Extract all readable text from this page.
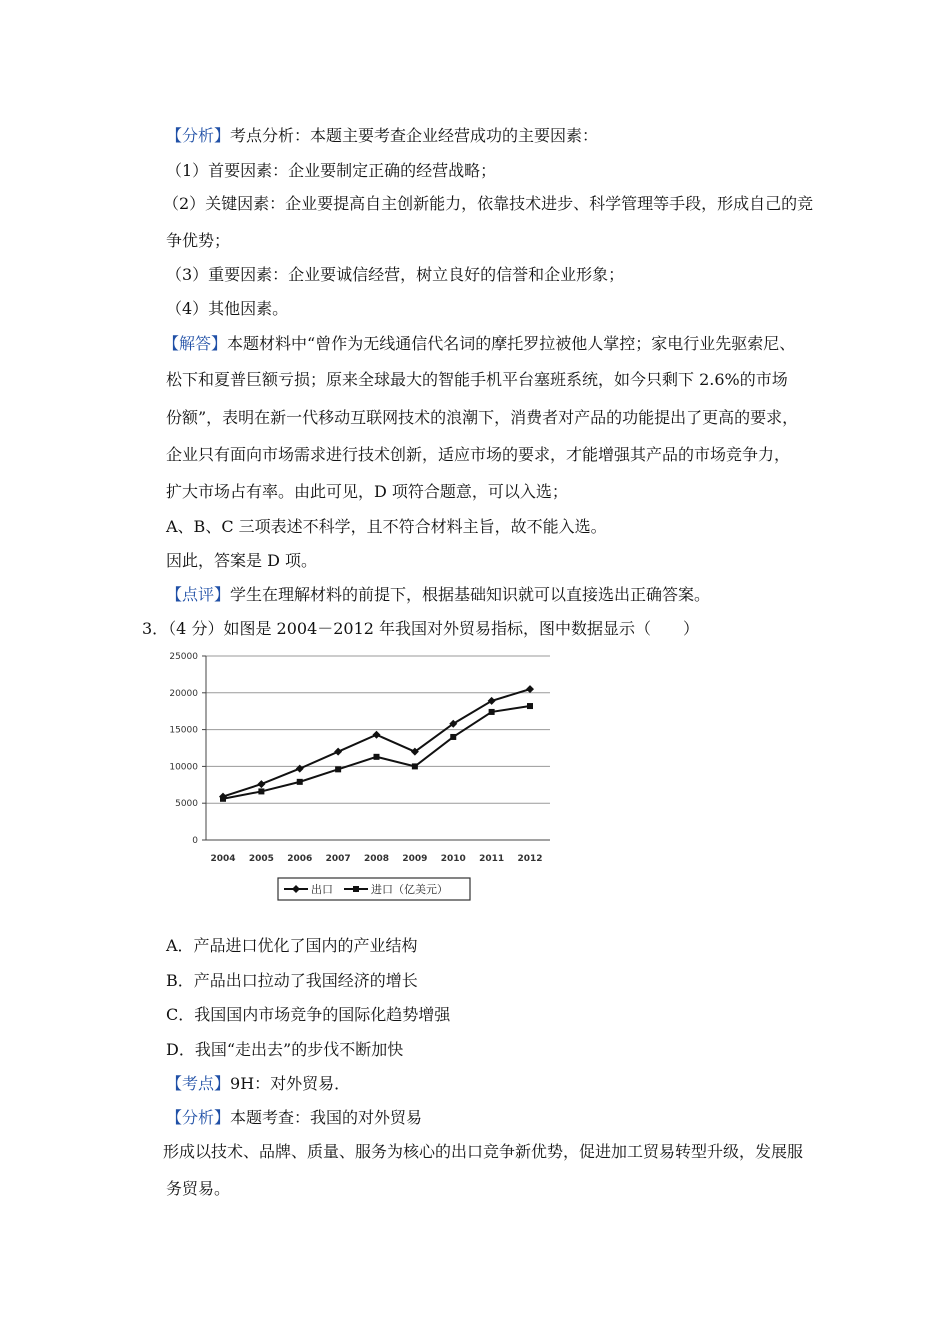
【分析】考点分析：本题主要考查企业经营成功的主要因素：
（1）首要因素：企业要制定正确的经营战略；
（2）关键因素：企业要提高自主创新能力，依靠技术进步、科学管理等手段，形成自己的竞
争优势；
（3）重要因素：企业要诚信经营，树立良好的信誉和企业形象；
（4）其他因素。
【解答】本题材料中“曾作为无线通信代名词的摩托罗拉被他人掌控；家电行业先驱索尼、
松下和夏普巨额亏损；原来全球最大的智能手机平台塞班系统，如今只剩下 2.6%的市场
份额”，表明在新一代移动互联网技术的浪潮下，消费者对产品的功能提出了更高的要求，
企业只有面向市场需求进行技术创新，适应市场的要求，才能增强其产品的市场竞争力，
扩大市场占有率。由此可见，D 项符合题意，可以入选；
A、B、C 三项表述不科学，且不符合材料主旨，故不能入选。
因此，答案是 D 项。
【点评】学生在理解材料的前提下，根据基础知识就可以直接选出正确答案。
3．（4 分）如图是 2004－2012 年我国对外贸易指标，图中数据显示（　　）
25000
20000
15000
10000
5000
0
2004 2005 2006 2007 2008 2009 2010 2011 2012
出口	进口（亿美元）
A．产品进口优化了国内的产业结构
B．产品出口拉动了我国经济的增长
C．我国国内市场竞争的国际化趋势增强
D．我国“走出去”的步伐不断加快
【考点】9H：对外贸易．
【分析】本题考查：我国的对外贸易
形成以技术、品牌、质量、服务为核心的出口竞争新优势，促进加工贸易转型升级，发展服
务贸易。
